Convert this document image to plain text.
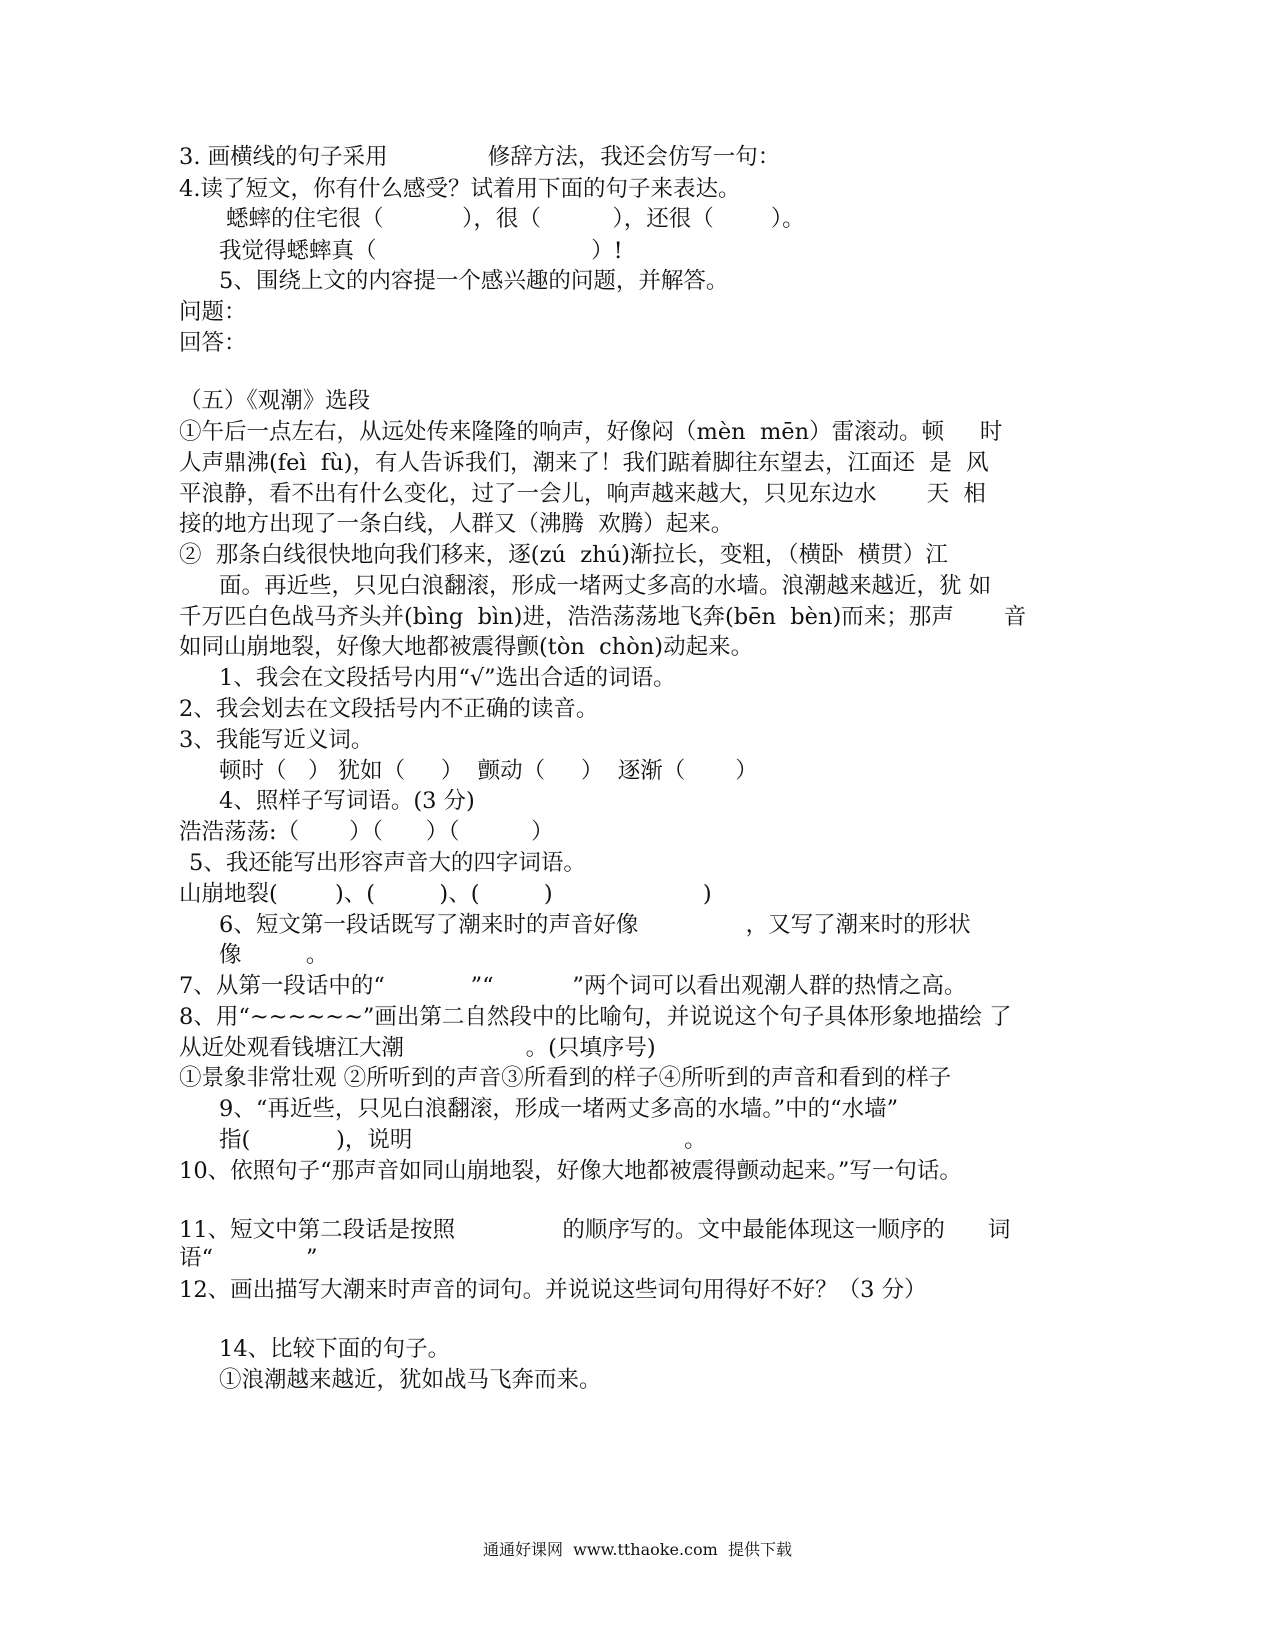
3. 画横线的句子采用              修辞方法，我还会仿写一句：
4.读了短文，你有什么感受？试着用下面的句子来表达。
蟋蟀的住宅很（           ），很（          ），还很（        ）。
我觉得蟋蟀真（                              ）!
5、围绕上文的内容提一个感兴趣的问题，并解答。
问题：
回答：
（五）《观潮》选段
①午后一点左右，从远处传来隆隆的响声，好像闷（mèn  mēn）雷滚动。顿     时
人声鼎沸(feì  fù)，有人告诉我们，潮来了！我们踮着脚往东望去，江面还  是  风
平浪静，看不出有什么变化，过了一会儿，响声越来越大，只见东边水       天  相
接的地方出现了一条白线，人群又（沸腾  欢腾）起来。
②  那条白线很快地向我们移来，逐(zú  zhú)渐拉长，变粗，（横卧  横贯）江
面。再近些，只见白浪翻滚，形成一堵两丈多高的水墙。浪潮越来越近，犹 如
千万匹白色战马齐头并(bìng  bìn)进，浩浩荡荡地飞奔(bēn  bèn)而来；那声       音
如同山崩地裂，好像大地都被震得颤(tòn  chòn)动起来。
1、我会在文段括号内用“√”选出合适的词语。
2、我会划去在文段括号内不正确的读音。
3、我能写近义词。
顿时（   ） 犹如（     ）  颤动（     ）  逐渐（       ）
4、照样子写词语。(3 分)
浩浩荡荡:（       ）（      ）（          ）
5、我还能写出形容声音大的四字词语。
山崩地裂(        )、(         )、(         )                     )
6、短文第一段话既写了潮来时的声音好像               ，又写了潮来时的形状
像         。
7、从第一段话中的“            ”“           ”两个词可以看出观潮人群的热情之高。
8、用“~~~~~~”画出第二自然段中的比喻句，并说说这个句子具体形象地描绘 了
从近处观看钱塘江大潮                 。(只填序号)
①景象非常壮观 ②所听到的声音③所看到的样子④所听到的声音和看到的样子
9、“再近些，只见白浪翻滚，形成一堵两丈多高的水墙。”中的“水墙”
指(            )，说明                                      。
10、依照句子“那声音如同山崩地裂，好像大地都被震得颤动起来。”写一句话。
11、短文中第二段话是按照               的顺序写的。文中最能体现这一顺序的      词
语“             ”
12、画出描写大潮来时声音的词句。并说说这些词句用得好不好？（3 分）
14、比较下面的句子。
①浪潮越来越近，犹如战马飞奔而来。
通通好课网  www.tthaoke.com  提供下载
